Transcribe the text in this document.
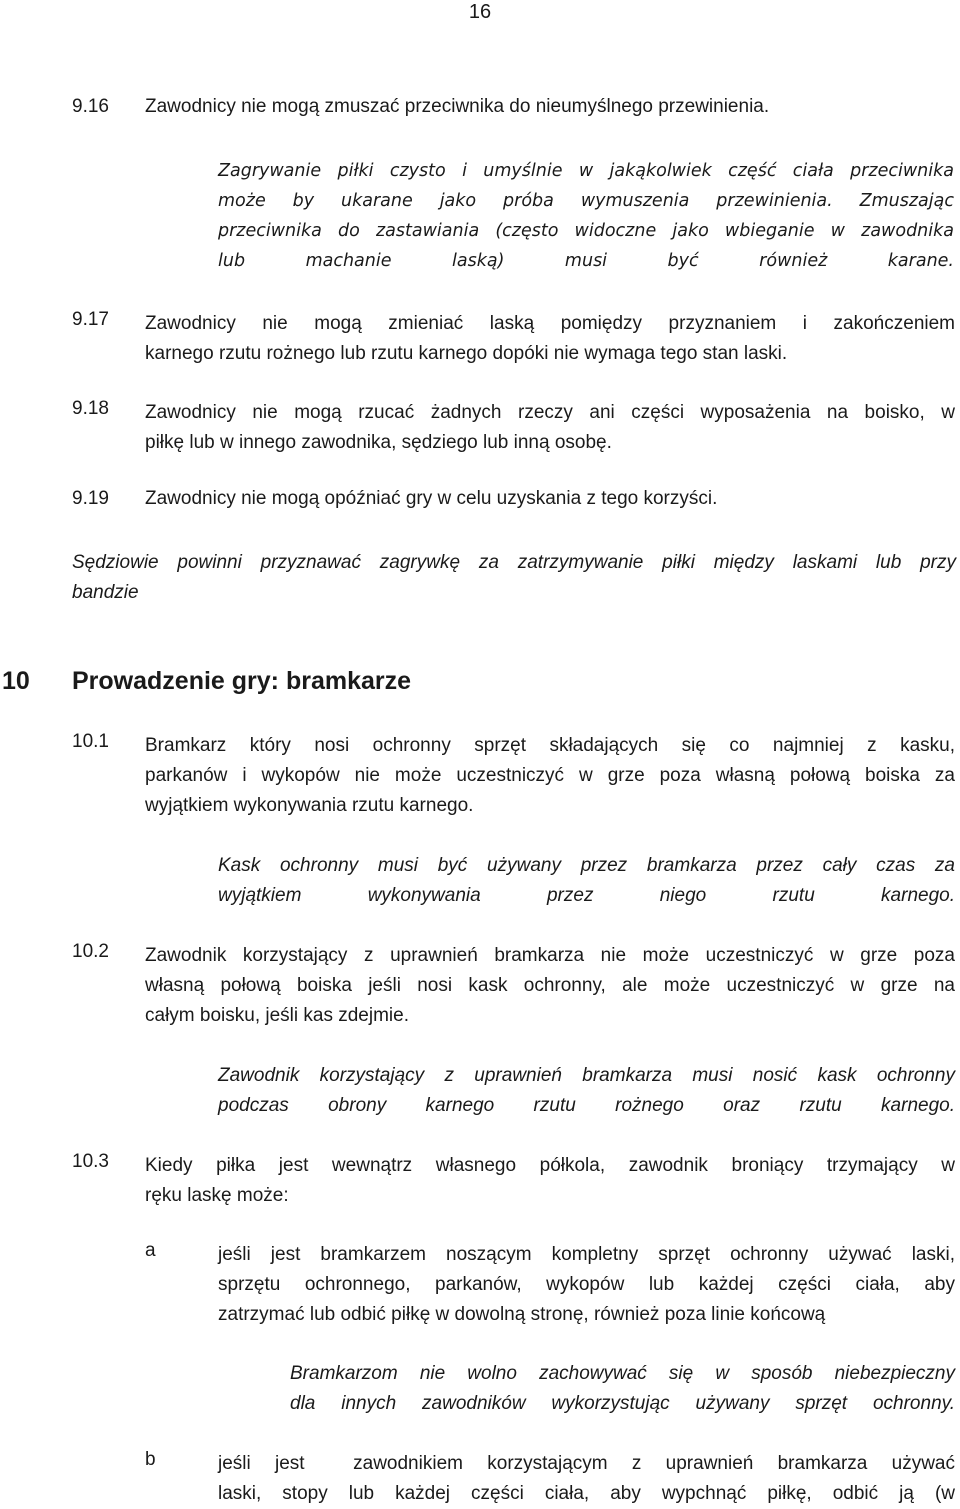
16
9.16 Zawodnicy nie mogą zmuszać przeciwnika do nieumyślnego przewinienia.
Zagrywanie piłki czysto i umyślnie w jakąkolwiek część ciała przeciwnika
może by ukarane jako próba wymuszenia przewinienia. Zmuszając
przeciwnika do zastawiania (często widoczne jako wbieganie w zawodnika
lub machanie laską) musi być również karane.
9.17 Zawodnicy nie mogą zmieniać laską pomiędzy przyznaniem i zakończeniem
karnego rzutu rożnego lub rzutu karnego dopóki nie wymaga tego stan laski.
9.18 Zawodnicy nie mogą rzucać żadnych rzeczy ani części wyposażenia na boisko, w
piłkę lub w innego zawodnika, sędziego lub inną osobę.
9.19 Zawodnicy nie mogą opóźniać gry w celu uzyskania z tego korzyści.
Sędziowie powinni przyznawać zagrywkę za zatrzymywanie piłki między laskami lub przy
bandzie
10 Prowadzenie gry: bramkarze
10.1 Bramkarz który nosi ochronny sprzęt składających się co najmniej z kasku,
parkanów i wykopów nie może uczestniczyć w grze poza własną połową boiska za
wyjątkiem wykonywania rzutu karnego.
Kask ochronny musi być używany przez bramkarza przez cały czas za
wyjątkiem wykonywania przez niego rzutu karnego.
10.2 Zawodnik korzystający z uprawnień bramkarza nie może uczestniczyć w grze poza
własną połową boiska jeśli nosi kask ochronny, ale może uczestniczyć w grze na
całym boisku, jeśli kas zdejmie.
Zawodnik korzystający z uprawnień bramkarza musi nosić kask ochronny
podczas obrony karnego rzutu rożnego oraz rzutu karnego.
10.3 Kiedy piłka jest wewnątrz własnego półkola, zawodnik broniący trzymający w
ręku laskę może:
a	jeśli jest bramkarzem noszącym kompletny sprzęt ochronny używać laski,
sprzętu ochronnego, parkanów, wykopów lub każdej części ciała, aby
zatrzymać lub odbić piłkę w dowolną stronę, również poza linie końcową
Bramkarzom nie wolno zachowywać się w sposób niebezpieczny
dla innych zawodników wykorzystując używany sprzęt ochronny.
b	jeśli jest  zawodnikiem korzystającym z uprawnień bramkarza używać
laski, stopy lub każdej części ciała, aby wypchnąć piłkę, odbić ją (w
